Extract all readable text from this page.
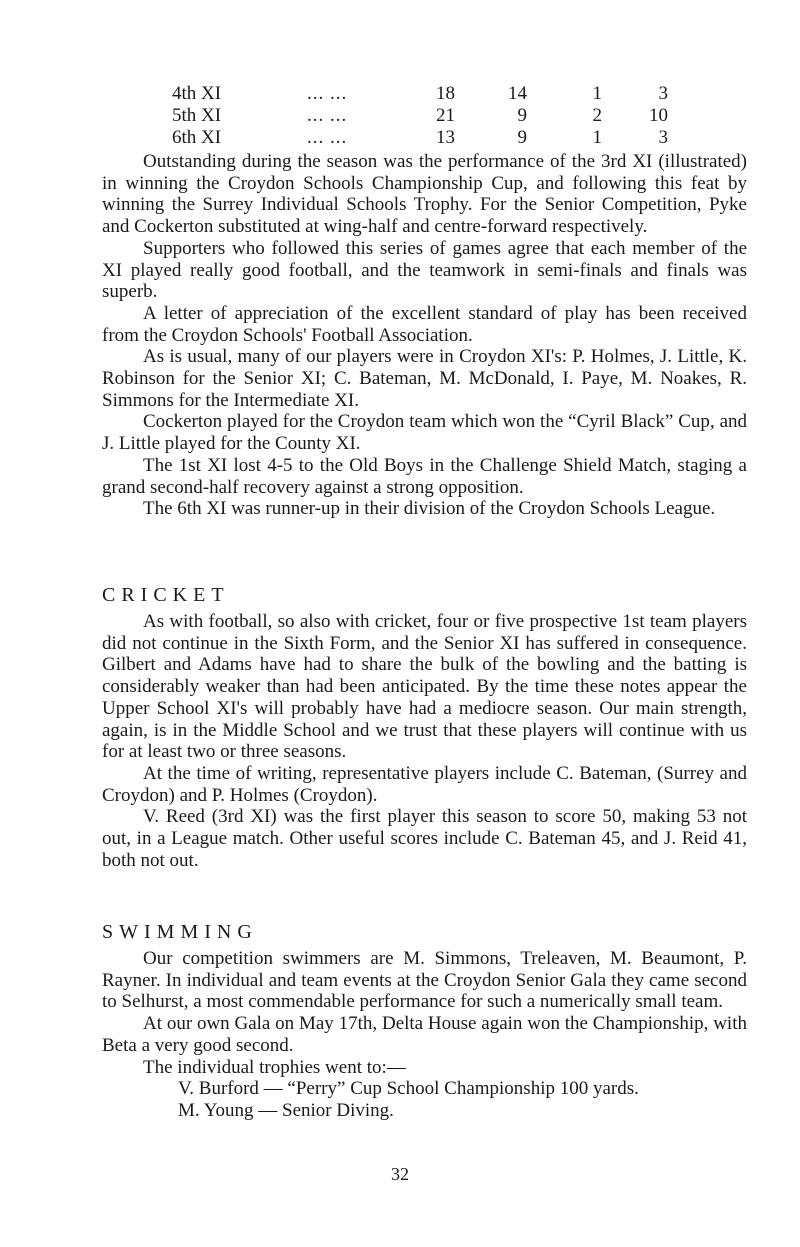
4th XI	... ...	18	14	1	3
5th XI	... ...	21	9	2	10
6th XI	... ...	13	9	1	3

Outstanding during the season was the performance of the 3rd XI (illustrated) in winning the Croydon Schools Championship Cup, and following this feat by winning the Surrey Individual Schools Trophy. For the Senior Competition, Pyke and Cockerton substituted at wing-half and centre-forward respectively.

Supporters who followed this series of games agree that each member of the XI played really good football, and the teamwork in semi-finals and finals was superb.

A letter of appreciation of the excellent standard of play has been received from the Croydon Schools' Football Association.

As is usual, many of our players were in Croydon XI's: P. Holmes, J. Little, K. Robinson for the Senior XI; C. Bateman, M. McDonald, I. Paye, M. Noakes, R. Simmons for the Intermediate XI.

Cockerton played for the Croydon team which won the “Cyril Black” Cup, and J. Little played for the County XI.

The 1st XI lost 4-5 to the Old Boys in the Challenge Shield Match, staging a grand second-half recovery against a strong opposition.

The 6th XI was runner-up in their division of the Croydon Schools League.

CRICKET

As with football, so also with cricket, four or five prospective 1st team players did not continue in the Sixth Form, and the Senior XI has suffered in consequence. Gilbert and Adams have had to share the bulk of the bowling and the batting is considerably weaker than had been anticipated. By the time these notes appear the Upper School XI's will probably have had a mediocre season. Our main strength, again, is in the Middle School and we trust that these players will continue with us for at least two or three seasons.

At the time of writing, representative players include C. Bateman, (Surrey and Croydon) and P. Holmes (Croydon).

V. Reed (3rd XI) was the first player this season to score 50, making 53 not out, in a League match. Other useful scores include C. Bateman 45, and J. Reid 41, both not out.

SWIMMING

Our competition swimmers are M. Simmons, Treleaven, M. Beaumont, P. Rayner. In individual and team events at the Croydon Senior Gala they came second to Selhurst, a most commendable performance for such a numerically small team.

At our own Gala on May 17th, Delta House again won the Championship, with Beta a very good second.

The individual trophies went to:—

V. Burford — “Perry” Cup School Championship 100 yards.

M. Young — Senior Diving.

32
